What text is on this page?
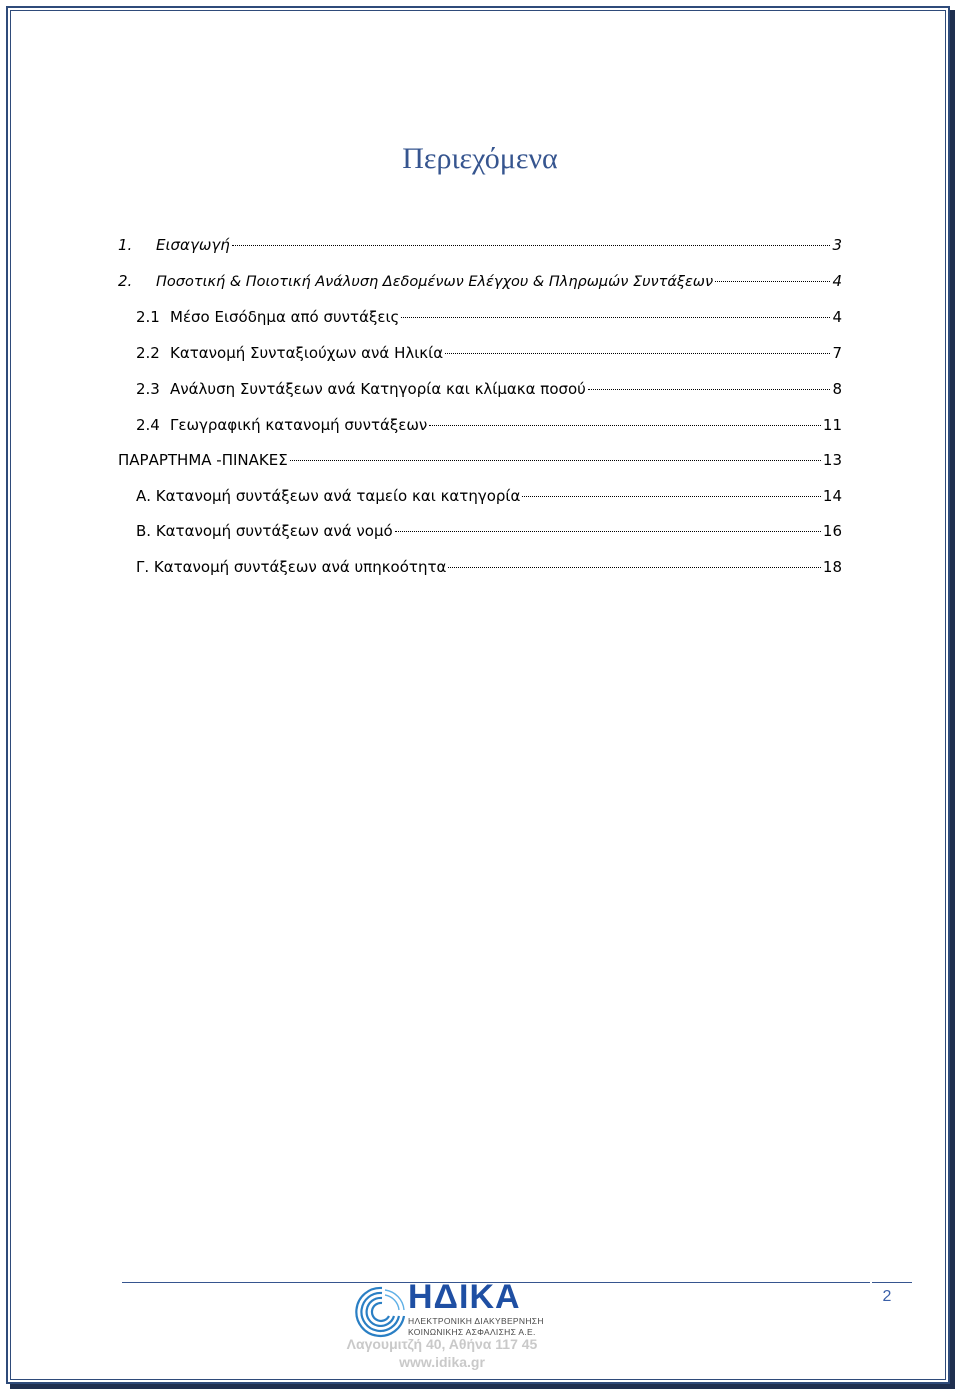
Περιεχόμενα
1.	Εισαγωγή	3
2.	Ποσοτική & Ποιοτική Ανάλυση Δεδομένων Ελέγχου & Πληρωμών Συντάξεων	4
2.1 Μέσο Εισόδημα από συντάξεις	4
2.2 Κατανομή Συνταξιούχων ανά Ηλικία	7
2.3 Ανάλυση Συντάξεων ανά Κατηγορία και κλίμακα ποσού	8
2.4 Γεωγραφική κατανομή συντάξεων	11
ΠΑΡΑΡΤΗΜΑ -ΠΙΝΑΚΕΣ	13
Α. Κατανομή συντάξεων ανά ταμείο και κατηγορία	14
Β. Κατανομή συντάξεων ανά νομό	16
Γ. Κατανομή συντάξεων ανά υπηκοότητα	18
2
ΗΔΙΚΑ
ΗΛΕΚΤΡΟΝΙΚΗ ΔΙΑΚΥΒΕΡΝΗΣΗ
ΚΟΙΝΩΝΙΚΗΣ ΑΣΦΑΛΙΣΗΣ Α.Ε.
Λαγουμιτζή 40, Αθήνα 117 45
www.idika.gr
